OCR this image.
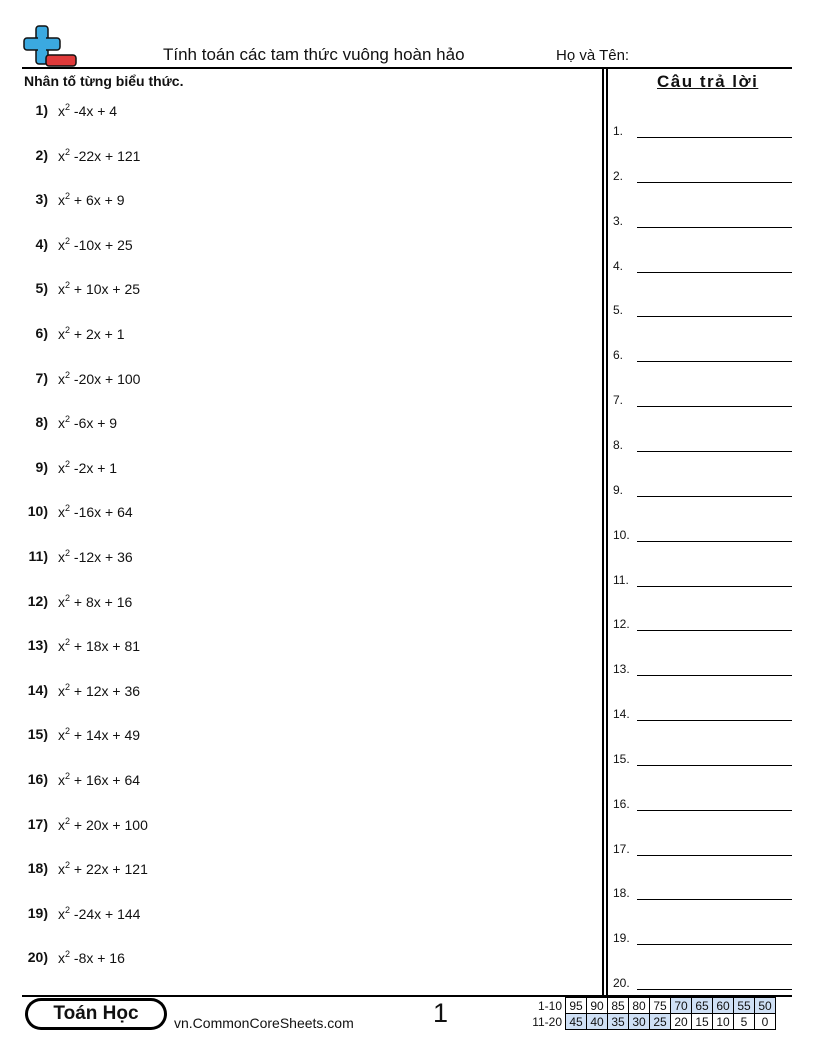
Tính toán các tam thức vuông hoàn hảo	Họ và Tên:
Nhân tố từng biểu thức.	Câu trả lời
1) $x^2$ -4x + 4
2) $x^2$ -22x + 121
3) $x^2 + 6x + 9$
4) $x^2$ -10x + 25
5) $x^2 + 10x + 25$
6) $x^2 + 2x + 1$
7) $x^2$ -20x + 100
8) $x^2$ -6x + 9
9) $x^2$ -2x + 1
10) $x^2$ -16x + 64
11) $x^2$ -12x + 36
12) $x^2 + 8x + 16$
13) $x^2 + 18x + 81$
14) $x^2 + 12x + 36$
15) $x^2 + 14x + 49$
16) $x^2 + 16x + 64$
17) $x^2 + 20x + 100$
18) $x^2 + 22x + 121$
19) $x^2$ -24x + 144
20) $x^2$ -8x + 16
1.
2.
3.
4.
5.
6.
7.
8.
9.
10.
11.
12.
13.
14.
15.
16.
17.
18.
19.
20.
Toán Học	vn.CommonCoreSheets.com	1	1-10	95	90	85	80	75	70	65	60	55	50
11-20	45	40	35	30	25	20	15	10	5	0
